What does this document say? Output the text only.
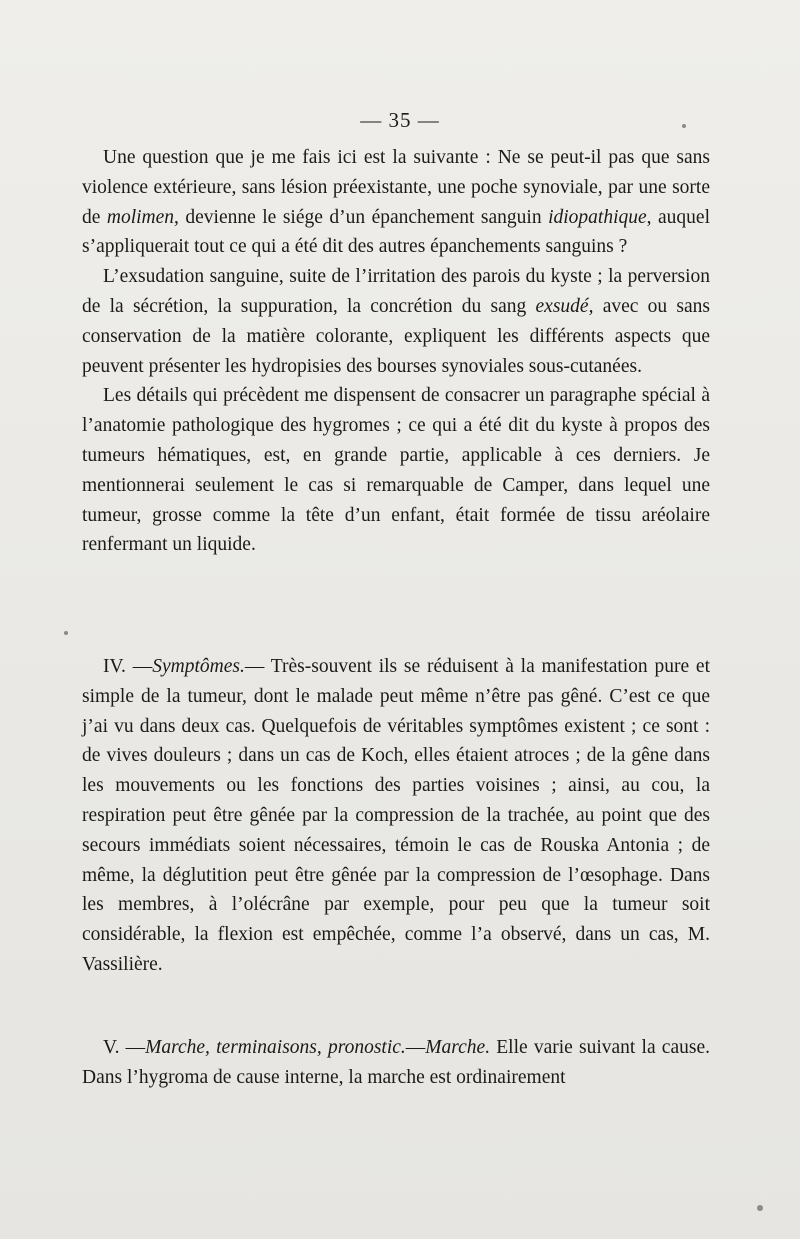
— 35 —

Une question que je me fais ici est la suivante : Ne se peut-il pas que sans violence extérieure, sans lésion préexistante, une poche synoviale, par une sorte de molimen, devienne le siége d’un épanchement sanguin idiopathique, auquel s’appliquerait tout ce qui a été dit des autres épanchements sanguins ?

L’exsudation sanguine, suite de l’irritation des parois du kyste ; la perversion de la sécrétion, la suppuration, la concrétion du sang exsudé, avec ou sans conservation de la matière colorante, expliquent les différents aspects que peuvent présenter les hydropisies des bourses synoviales sous-cutanées.

Les détails qui précèdent me dispensent de consacrer un paragraphe spécial à l’anatomie pathologique des hygromes ; ce qui a été dit du kyste à propos des tumeurs hématiques, est, en grande partie, applicable à ces derniers. Je mentionnerai seulement le cas si remarquable de Camper, dans lequel une tumeur, grosse comme la tête d’un enfant, était formée de tissu aréolaire renfermant un liquide.

IV. —Symptômes.— Très-souvent ils se réduisent à la manifestation pure et simple de la tumeur, dont le malade peut même n’être pas gêné. C’est ce que j’ai vu dans deux cas. Quelquefois de véritables symptômes existent ; ce sont : de vives douleurs ; dans un cas de Koch, elles étaient atroces ; de la gêne dans les mouvements ou les fonctions des parties voisines ; ainsi, au cou, la respiration peut être gênée par la compression de la trachée, au point que des secours immédiats soient nécessaires, témoin le cas de Rouska Antonia ; de même, la déglutition peut être gênée par la compression de l’œsophage. Dans les membres, à l’olécrâne par exemple, pour peu que la tumeur soit considérable, la flexion est empêchée, comme l’a observé, dans un cas, M. Vassilière.

V. —Marche, terminaisons, pronostic.—Marche. Elle varie suivant la cause. Dans l’hygroma de cause interne, la marche est ordinairement
